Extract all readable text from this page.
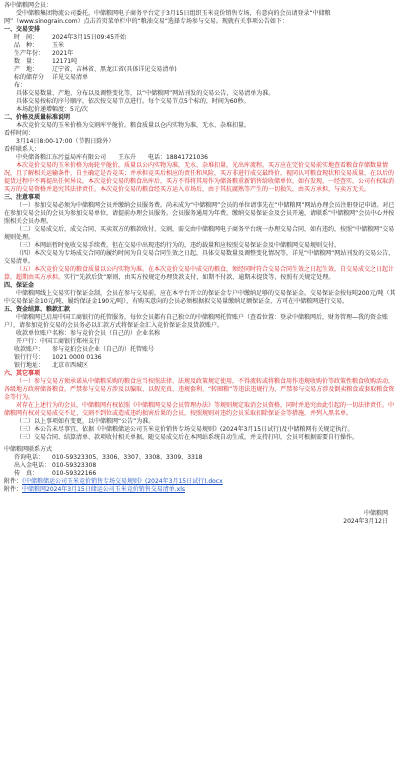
各中储粮网会员：

受中储粮集团物流公司委托，中储粮网电子商务平台定于3月15日组织玉米竞价销售专场，有意向的会员请登录“中储粮网”（www.sinograin.com）点击首页菜单栏中的“粮油交易”选择专场参与交易。现就有关事项公告如下：

一、交易安排

时　间：	2024年3月15日09:45开始
品　种：	玉米
生产年份：	2021年
数　量：	12171吨
产　地：	辽宁省、吉林省、黑龙江省(具体详见交易清单)
标的储存分布：
详见交易清单

具体交易数量、产地、分布以及调整变化等，以“中储粮网”网站刊发的交易公告、交易清单为准。

具体交易按标的序号顺序，依次按交易节点进行。每个交易节点5个标的，时间为60秒。

本场起价递增幅度：5元/次

二、价格及质量标准说明

本次竞价交易的玉米价格为交割库平舱价。粮食质量以仓内实物为准，无水、杂堆扣量。

看样时间：

3月14日8:00-17:00（节假日除外）

看样联系人：

中央储备粮江东污益局库有限公司　　王东升　　电话：18841721036

本次竞价交易的玉米价格为海轮平舱价，质量以公内实物为准，无水、杂堆扣量，光出库流程。买方应在完价交易前实地查看粮食存储数量情况，且了解相关运输条件，自主确定是否竞买；并承担竞买后相应的责任和风险，买方非进行成交最终价，视同认可粮食现状和交易质量，在以后的提货过程中不再提出任何异议。本次竞价交易的粮食出库后，买方不得将其用作为储备粮重新销售给收储单位，如有发现，一经查实，公司有权取消买方的交易资格并追究其法律责任。本次竞价交易的粮食经买方运入市场后，由于其抗腐熟等产生的一切损失，由买方承担，与卖方无关。

三、注意事项

（一）参加交易必须为中储粮网会员并缴纳会员服务费。尚未成为“中储粮网”会员的单位请事先在“中储粮网”网站办理会员注册登记申请。对已在参加交易会员的会员为参加交易单位，请提前办理会员服务。会员服务通用为年费，缴纳交易保证金及会员开通，请联系“中储粮网”会员中心并按照相关会员办理。

（二）交易成交后，成交合同、买卖双方的粮款收付、交割，需交由中储粮网电子商务平台统一办理交易合同，如有违约，按照“中储粮网”交易规则处理。

（三）本网站暂时免收交易手续费，但在交易中出现违约行为的，违约载量和应按照交易保证金及中储粮网交易规则交付。

（四）本次交易为专场成交合同的履约时间为自交易合同生效之日起，具体交易数量及调整变化情况等，详见“中储粮网”网站刊发的交易公告、交易清单。

（五）本次竞价交易的粮食质量以公内实物为准。在本次竞价交易中成交的粮食，须经同时符合交易合同生效之日起生效，自交易成交之日起计算，超期由买方承担。实行“先款后货”原则，由买方按规定办理货款支付，如期不付款、逾期未提货等，按照有关规定处理。

四、保证金

中储粮网线上交易实行保证金制，会员在参与交易前，应在本平台开立的保证金专户中缴纳足够的交易保证金。交易保证金按每吨200元/吨（其中交易保证金10元/吨、履约保证金190元/吨），有购买意向的会员必须根据拟交易量缴纳足额保证金，方可在中储粮网进行交易。

五、资金结算、粮款汇款

中储粮网已启用中国工商银行的托管服务，每位会员都有自己独立的中储粮网托管账户（查看位置：登录中储粮网后，财务管理—我的资金账户），请参加竞价交易的会员务必以汇款方式将保证金汇入竞价保证金及货款账户。

收款单位账户名称：参与竞价会员（自己的）企业名称

开户行：中国工商银行郑州支行

收款账户：	参与竞拍会员企业（自己的）托管账号
银行行号：	1021 0000 0136
银行地址：	北京市西城区

六、其它事项

（一）参与交易方须承诺从中储粮采购的粮食应当按照法律、法规及政策规定使用，不得流转或将粮食用作违规收购价等政策性粮食收购活动，各级地方政府储备粮食。严禁参与交易方涉及以骗取、以假充真、违规套利、“转圈粮”等违法违规行为，严禁参与交易方涉及倒卖粮食或套取粮食资金等行为。

对存在上述行为的会员，中储粮网有权依照《中储粮网交易会员管理办法》等规则规定取消会员资格，同时并追究由此引起的一切法律责任。中储粮网有权对交易成交不足、交割不到位或造成违约损害后果的会员，按照规则对违约会员采取扣除保证金等措施，并列入黑名单。

（二）以上事项如有变更，以中储粮网“公告”为准。

（三）本公告未尽事宜，依据《中储粮储运公司玉米竞价销售专场交易规则》(2024年3月15日试行)及中储粮网有关规定执行。

（三）交易合同、结算清单、款项收付相关单据，随交易成交后在本网站系统自动生成，并支持打印，会员可根据需要自行操作。

中储粮网联系方式

咨询电话：	010-59323305、3306、3307、3308、3309、3318
出入金电话： 010-59323308
传　真：	010-59322166

附件：《中储粮储运公司玉米竞价销售专场交易规则》(2024年3月15日试行).docx

附件：中储粮网2024年3月15日储运公司玉米竞价销售交易清单.xls

中储粮网

2024年3月12日
